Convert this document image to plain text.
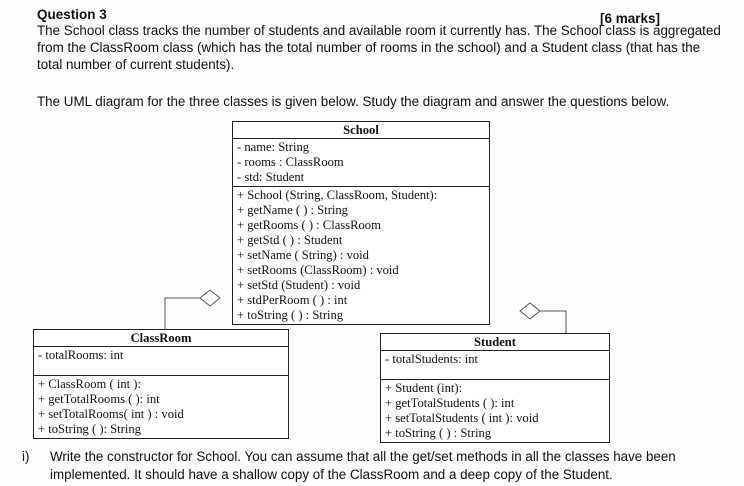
Question 3	[6 marks]
The School class tracks the number of students and available room it currently has. The School class is aggregated
from the ClassRoom class (which has the total number of rooms in the school) and a Student class (that has the
total number of current students).
The UML diagram for the three classes is given below. Study the diagram and answer the questions below.
School
- name: String
- rooms : ClassRoom
- std: Student
+ School (String, ClassRoom, Student):
+ getName ( ) : String
+ getRooms ( ) : ClassRoom
+ getStd ( ) : Student
+ setName ( String) : void
+ setRooms (ClassRoom) : void
+ setStd (Student) : void
+ stdPerRoom ( ) : int
+ toString ( ) : String
ClassRoom
- totalRooms: int
+ ClassRoom ( int ):
+ getTotalRooms ( ): int
+ setTotalRooms( int ) : void
+ toString ( ): String
Student
- totalStudents: int
+ Student (int):
+ getTotalStudents ( ): int
+ setTotalStudents ( int ): void
+ toString ( ) : String
i) Write the constructor for School. You can assume that all the get/set methods in all the classes have been
implemented. It should have a shallow copy of the ClassRoom and a deep copy of the Student.
